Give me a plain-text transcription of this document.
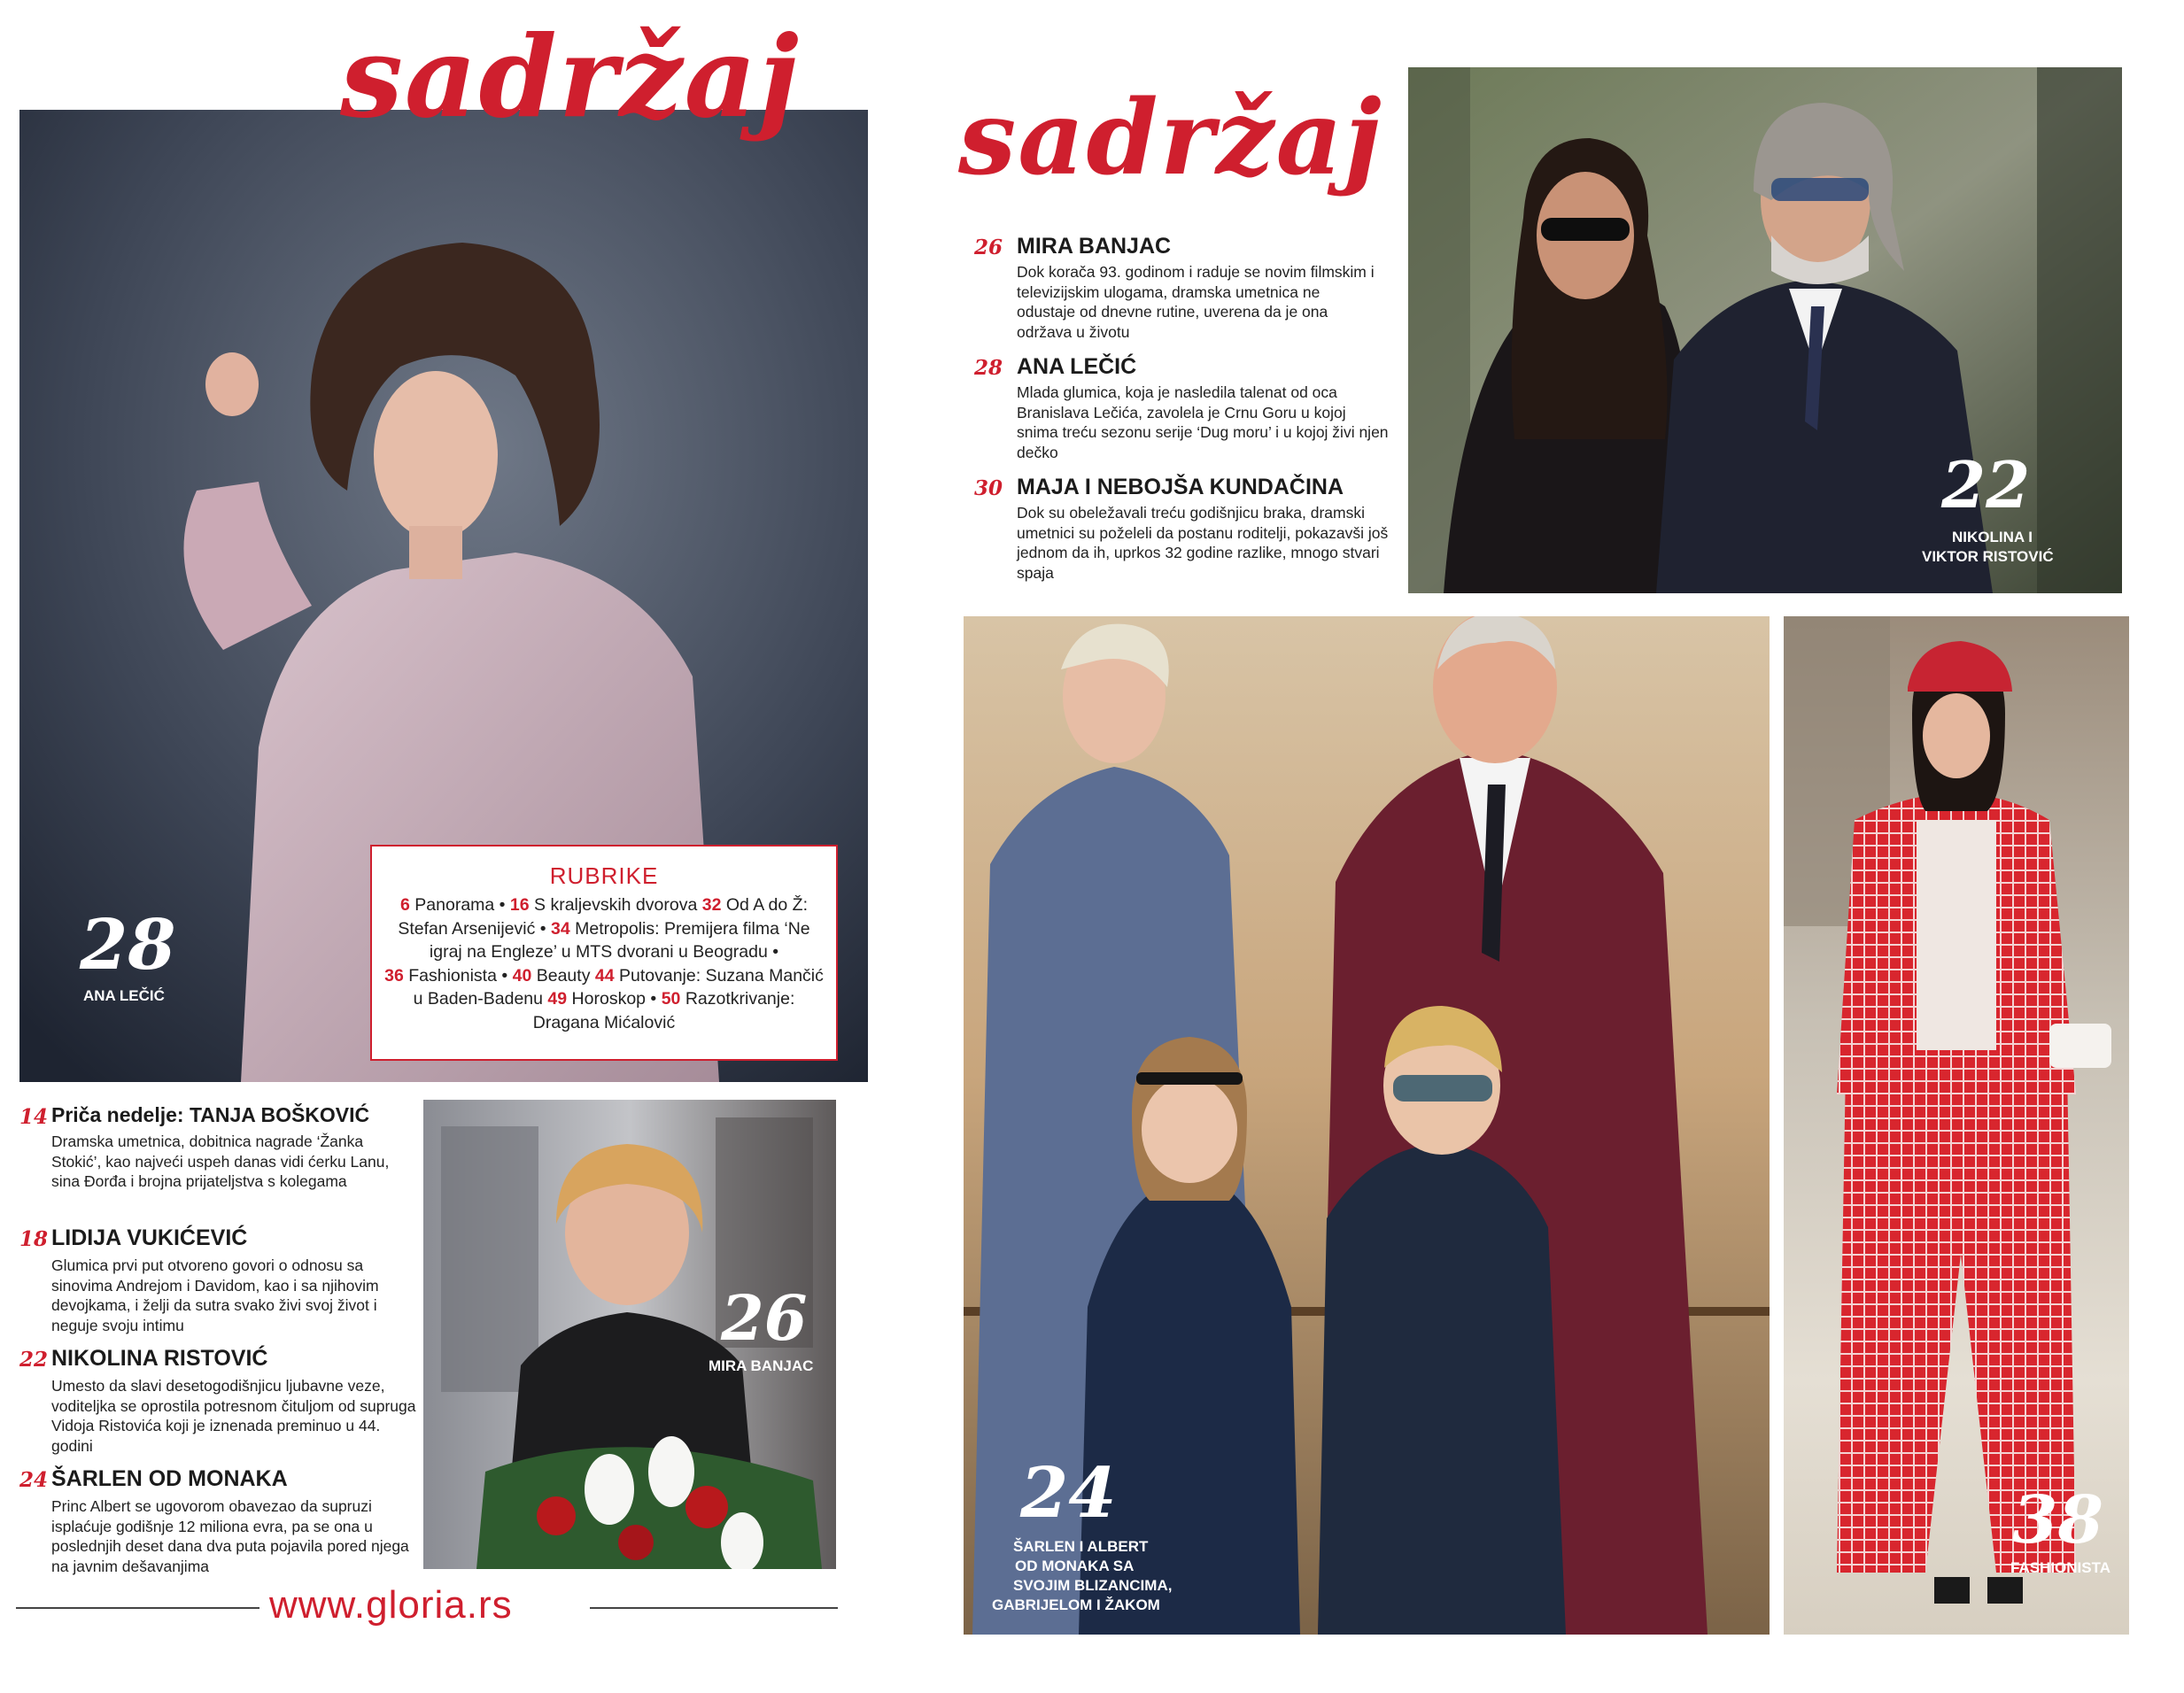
28
ANA LEČIĆ
sadržaj
RUBRIKE
6 Panorama • 16 S kraljevskih dvorova 32 Od A do Ž: Stefan Arsenijević • 34 Metropolis: Premijera filma ‘Ne igraj na Engleze’ u MTS dvorani u Beogradu • 36 Fashionista • 40 Beauty 44 Putovanje: Suzana Mančić u Baden-Badenu 49 Horoskop • 50 Razotkrivanje: Dragana Mićalović
14 Priča nedelje: TANJA BOŠKOVIĆ
Dramska umetnica, dobitnica nagrade ‘Žanka Stokić’, kao najveći uspeh danas vidi ćerku Lanu, sina Đorđa i brojna prijateljstva s kolegama
18 LIDIJA VUKIĆEVIĆ
Glumica prvi put otvoreno govori o odnosu sa sinovima Andrejom i Davidom, kao i sa njihovim devojkama, i želji da sutra svako živi svoj život i neguje svoju intimu
22 NIKOLINA RISTOVIĆ
Umesto da slavi desetogodišnjicu ljubavne veze, voditeljka se oprostila potresnom čituljom od supruga Vidoja Ristovića koji je iznenada preminuo u 44. godini
24 ŠARLEN OD MONAKA
Princ Albert se ugovorom obavezao da supruzi isplaćuje godišnje 12 miliona evra, pa se ona u poslednjih deset dana dva puta pojavila pored njega na javnim dešavanjima
26
MIRA BANJAC
www.gloria.rs
sadržaj
26 MIRA BANJAC
Dok korača 93. godinom i raduje se novim filmskim i televizijskim ulogama, dramska umetnica ne odustaje od dnevne rutine, uverena da je ona održava u životu
28 ANA LEČIĆ
Mlada glumica, koja je nasledila talenat od oca Branislava Lečića, zavolela je Crnu Goru u kojoj snima treću sezonu serije ‘Dug moru’ i u kojoj živi njen dečko
30 MAJA I NEBOJŠA KUNDAČINA
Dok su obeležavali treću godišnjicu braka, dramski umetnici su poželeli da postanu roditelji, pokazavši još jednom da ih, uprkos 32 godine razlike, mnogo stvari spaja
22
NIKOLINA I
VIKTOR RISTOVIĆ
24
ŠARLEN I ALBERT
OD MONAKA SA
SVOJIM BLIZANCIMA,
GABRIJELOM I ŽAKOM
38
FASHIONISTA
